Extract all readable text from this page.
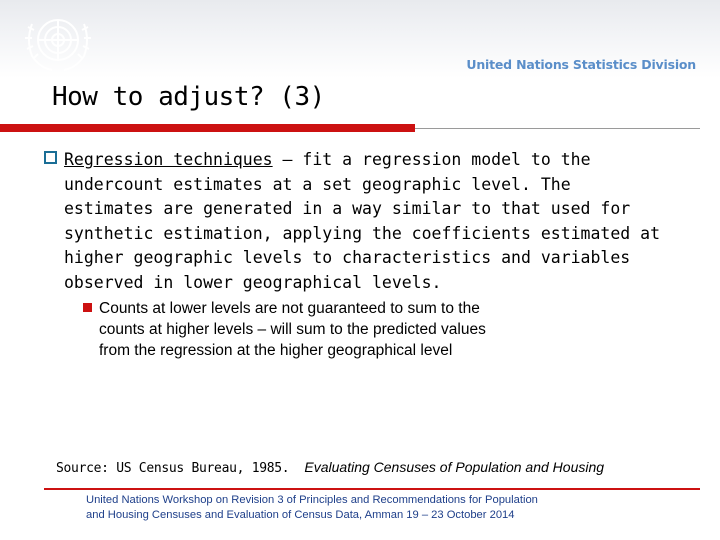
United Nations Statistics Division
How to adjust? (3)
Regression techniques – fit a regression model to the
undercount estimates at a set geographic level. The
estimates are generated in a way similar to that used for
synthetic estimation, applying the coefficients estimated at
higher geographic levels to characteristics and variables
observed in lower geographical levels.
Counts at lower levels are not guaranteed to sum to the
counts at higher levels – will sum to the predicted values
from the regression at the higher geographical level
Source: US Census Bureau, 1985. Evaluating Censuses of Population and Housing
United Nations Workshop on Revision 3 of Principles and Recommendations for Population
and Housing Censuses and Evaluation of Census Data, Amman 19 – 23 October 2014
